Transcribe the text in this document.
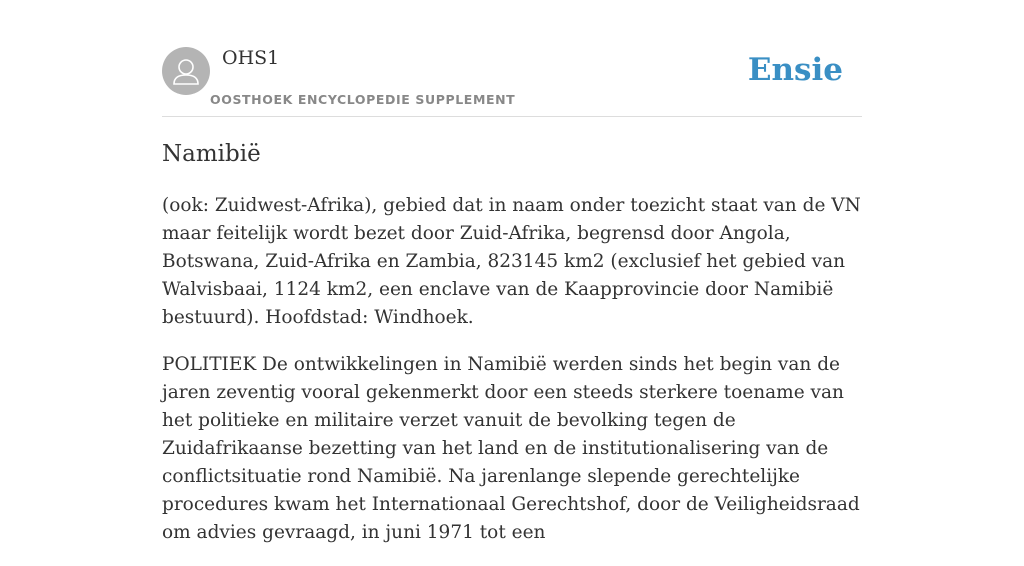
OHS1
OOSTHOEK ENCYCLOPEDIE SUPPLEMENT
Ensie
Namibië

(ook: Zuidwest-Afrika), gebied dat in naam onder toezicht staat van de VN maar feitelijk wordt bezet door Zuid-Afrika, begrensd door Angola, Botswana, Zuid-Afrika en Zambia, 823145 km2 (exclusief het gebied van Walvisbaai, 1124 km2, een enclave van de Kaapprovincie door Namibië bestuurd). Hoofdstad: Windhoek.

POLITIEK De ontwikkelingen in Namibië werden sinds het begin van de jaren zeventig vooral gekenmerkt door een steeds sterkere toename van het politieke en militaire verzet vanuit de bevolking tegen de Zuidafrikaanse bezetting van het land en de institutionalisering van de conflictsituatie rond Namibië. Na jarenlange slepende gerechtelijke procedures kwam het Internationaal Gerechtshof, door de Veiligheidsraad om advies gevraagd, in juni 1971 tot een
